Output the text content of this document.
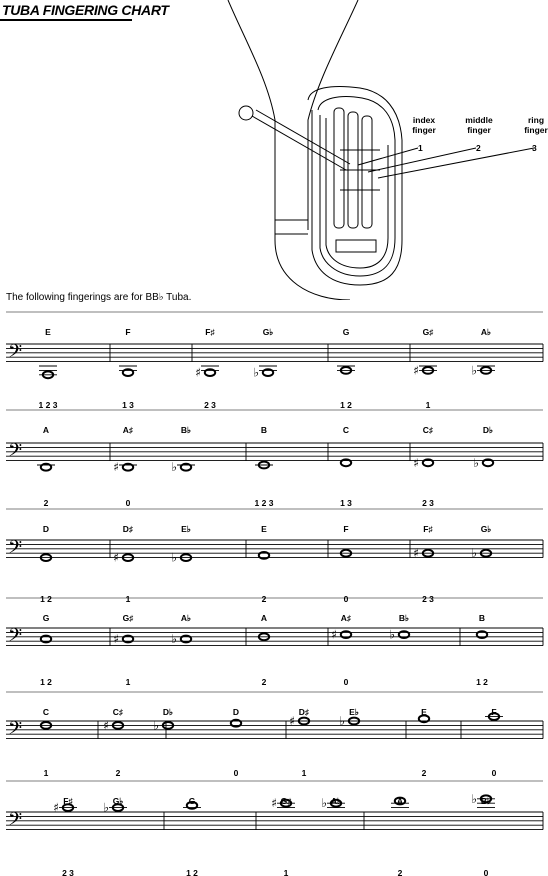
TUBA FINGERING CHART
index
finger
middle
finger
ring
finger
1	2	3
The following fingerings are for BB♭ Tuba.
𝄢
E
1 2 3
F
1 3
F♯
♯
2 3
G♭
♭
G
1 2
G♯
♯
1
A♭
♭
𝄢
A
2
A♯
♯
0
B♭
♭
B
1 2 3
C
1 3
C♯
♯
2 3
D♭
♭
𝄢
D
1 2
D♯
♯
1
E♭
♭
E
2
F
0
F♯
♯
2 3
G♭
♭
𝄢
G
1 2
G♯
♯
1
A♭
♭
A
2
A♯
♯
0
B♭
♭
B
1 2
𝄢
C
1
C♯
♯
2
D♭
♭
D
0
D♯
♯
1
E♭
♭
E
2
F
0
𝄢
F♯
♯
2 3
G♭
♭	G
1 2
G♯
♯
1
A♭
♭	A
2
B♭
♭
0
